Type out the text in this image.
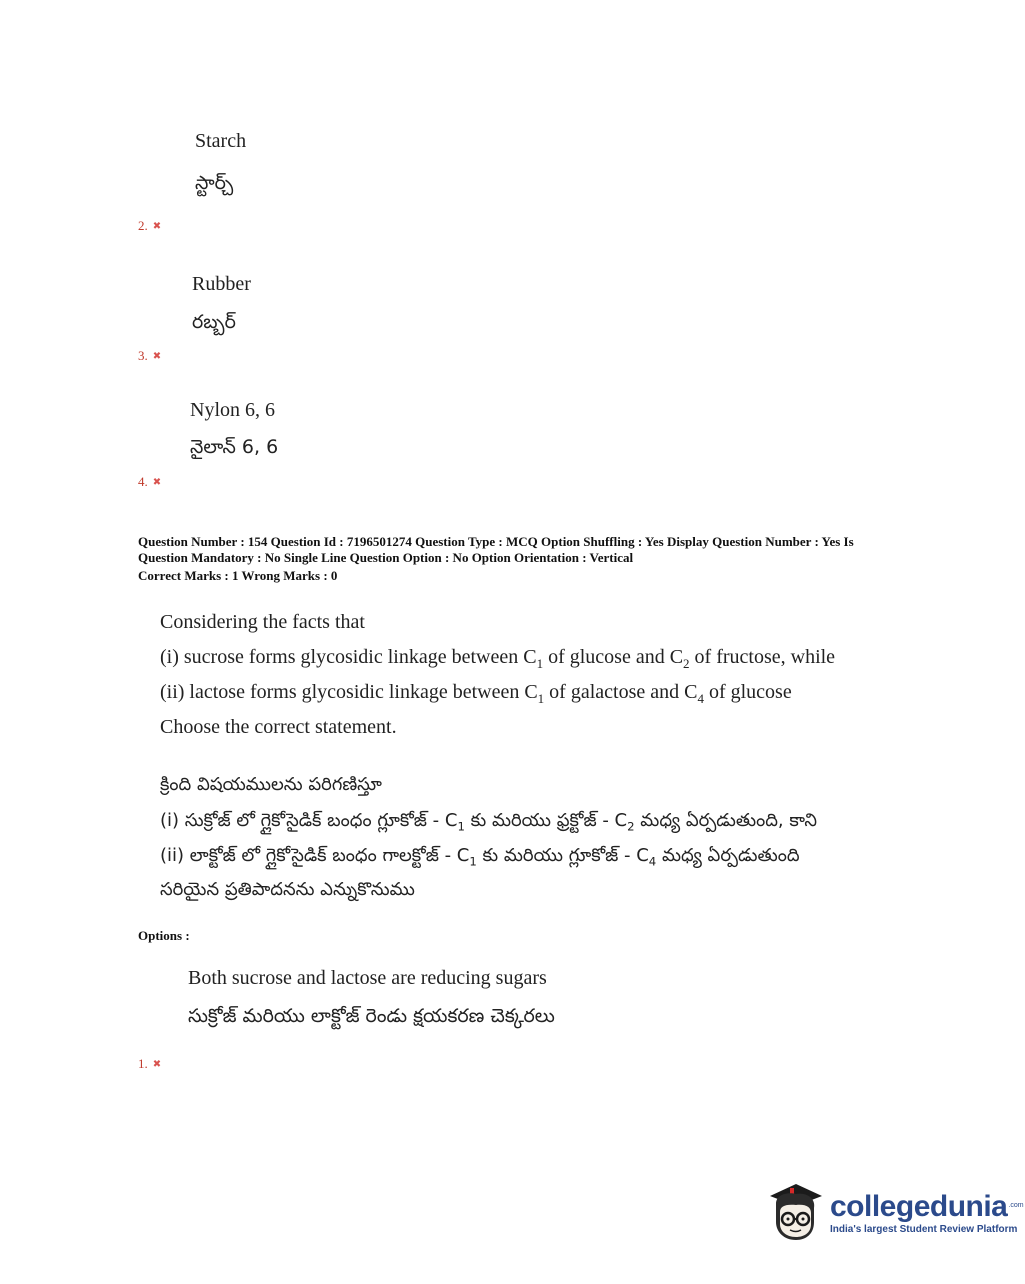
Starch
స్టార్చ్
2. ✖
Rubber
రబ్బర్
3. ✖
Nylon 6, 6
నైలాన్ 6, 6
4. ✖
Question Number : 154 Question Id : 7196501274 Question Type : MCQ Option Shuffling : Yes Display Question Number : Yes Is
Question Mandatory : No Single Line Question Option : No Option Orientation : Vertical
Correct Marks : 1 Wrong Marks : 0
Considering the facts that
(i) sucrose forms glycosidic linkage between $C_1$ of glucose and $C_2$ of fructose, while
(ii) lactose forms glycosidic linkage between $C_1$ of galactose and $C_4$ of glucose
Choose the correct statement.
క్రింది విషయములను పరిగణిస్తూ
(i) సుక్రోజ్ లో గ్లైకోసైడిక్ బంధం గ్లూకోజ్ - $C_1$ కు మరియు ఫ్రక్టోజ్ - $C_2$ మధ్య ఏర్పడుతుంది, కాని
(ii) లాక్టోజ్ లో గ్లైకోసైడిక్ బంధం గాలక్టోజ్ - $C_1$ కు మరియు గ్లూకోజ్ - $C_4$ మధ్య ఏర్పడుతుంది
సరియైన ప్రతిపాదనను ఎన్నుకొనుము
Options :
Both sucrose and lactose are reducing sugars
సుక్రోజ్ మరియు లాక్టోజ్ రెండు క్షయకరణ చెక్కరలు
1. ✖
collegedunia .com
India's largest Student Review Platform
